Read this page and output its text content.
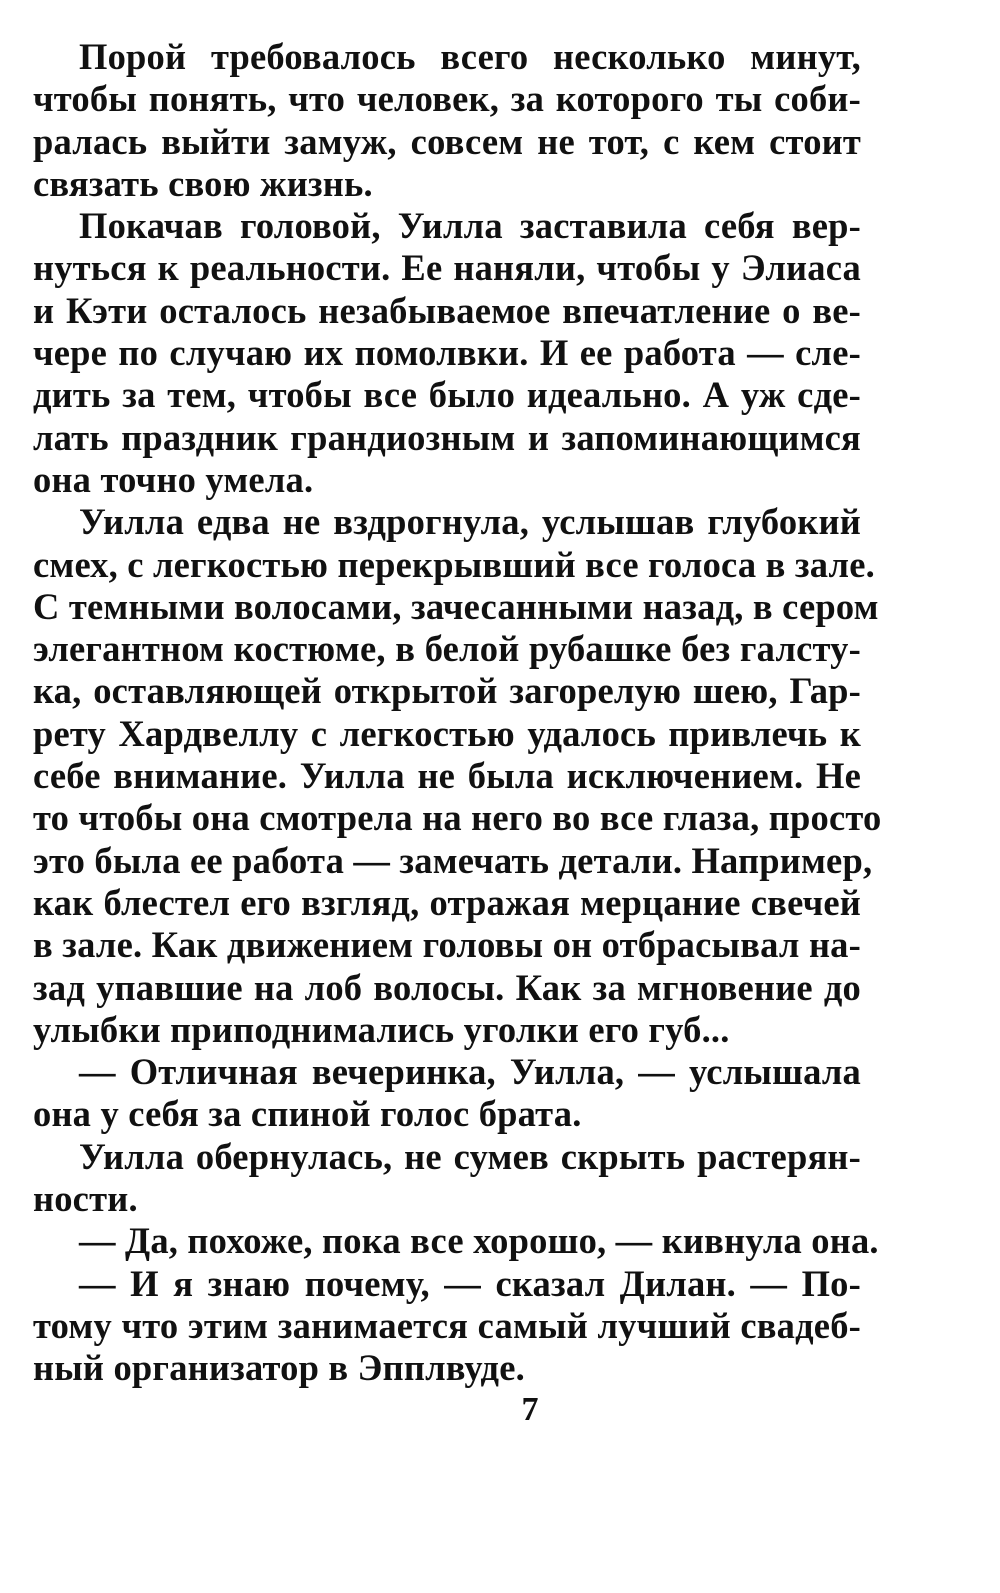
Порой требовалось всего несколько минут,
чтобы понять, что человек, за которого ты соби-
ралась выйти замуж, совсем не тот, с кем стоит
связать свою жизнь.
Покачав головой, Уилла заставила себя вер-
нуться к реальности. Ее наняли, чтобы у Элиаса
и Кэти осталось незабываемое впечатление о ве-
чере по случаю их помолвки. И ее работа — сле-
дить за тем, чтобы все было идеально. А уж сде-
лать праздник грандиозным и запоминающимся
она точно умела.
Уилла едва не вздрогнула, услышав глубокий
смех, с легкостью перекрывший все голоса в зале.
С темными волосами, зачесанными назад, в сером
элегантном костюме, в белой рубашке без галсту-
ка, оставляющей открытой загорелую шею, Гар-
рету Хардвеллу с легкостью удалось привлечь к
себе внимание. Уилла не была исключением. Не
то чтобы она смотрела на него во все глаза, просто
это была ее работа — замечать детали. Например,
как блестел его взгляд, отражая мерцание свечей
в зале. Как движением головы он отбрасывал на-
зад упавшие на лоб волосы. Как за мгновение до
улыбки приподнимались уголки его губ...
— Отличная вечеринка, Уилла, — услышала
она у себя за спиной голос брата.
Уилла обернулась, не сумев скрыть растерян-
ности.
— Да, похоже, пока все хорошо, — кивнула она.
— И я знаю почему, — сказал Дилан. — По-
тому что этим занимается самый лучший свадеб-
ный организатор в Эпплвуде.
7
